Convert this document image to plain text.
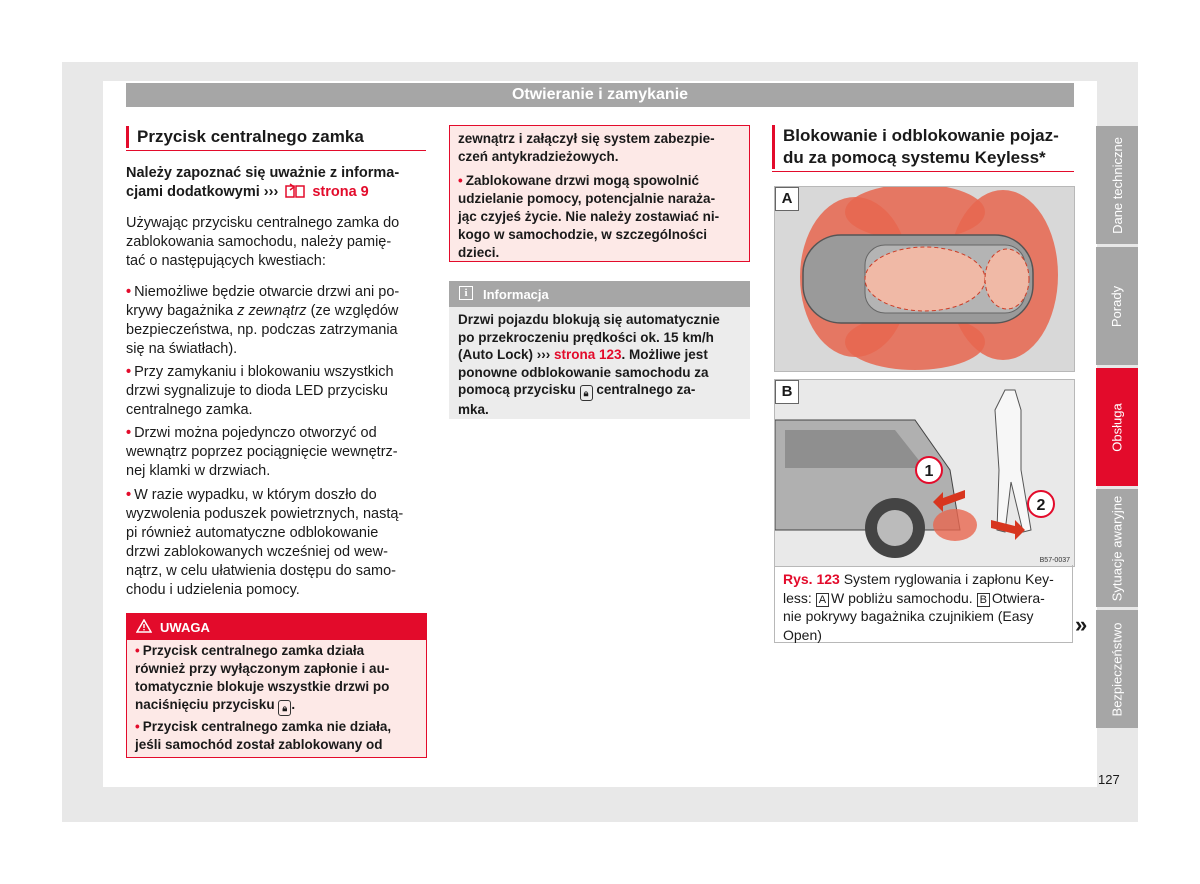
Otwieranie i zamykanie
Przycisk centralnego zamka
Należy zapoznać się uważnie z informa-
cjami dodatkowymi ››› strona 9
Używając przycisku centralnego zamka do
zablokowania samochodu, należy pamię-
tać o następujących kwestiach:
• Niemożliwe będzie otwarcie drzwi ani po-
krywy bagażnika z zewnątrz (ze względów
bezpieczeństwa, np. podczas zatrzymania
się na światłach).
• Przy zamykaniu i blokowaniu wszystkich
drzwi sygnalizuje to dioda LED przycisku
centralnego zamka.
• Drzwi można pojedynczo otworzyć od
wewnątrz poprzez pociągnięcie wewnętrz-
nej klamki w drzwiach.
• W razie wypadku, w którym doszło do
wyzwolenia poduszek powietrznych, nastą-
pi również automatyczne odblokowanie
drzwi zablokowanych wcześniej od wew-
nątrz, w celu ułatwienia dostępu do samo-
chodu i udzielenia pomocy.
UWAGA
• Przycisk centralnego zamka działa
również przy wyłączonym zapłonie i au-
tomatycznie blokuje wszystkie drzwi po
naciśnięciu przycisku 🔒︎ .
• Przycisk centralnego zamka nie działa,
jeśli samochód został zablokowany od
zewnątrz i załączył się system zabezpie-
czeń antykradzieżowych.
• Zablokowane drzwi mogą spowolnić
udzielanie pomocy, potencjalnie naraża-
jąc czyjeś życie. Nie należy zostawiać ni-
kogo w samochodzie, w szczególności
dzieci.
i	Informacja
Drzwi pojazdu blokują się automatycznie
po przekroczeniu prędkości ok. 15 km/h
(Auto Lock) ››› strona 123. Możliwe jest
ponowne odblokowanie samochodu za
pomocą przycisku 🔒︎ centralnego za-
mka.
Blokowanie i odblokowanie pojaz-
du za pomocą systemu Keyless*
A
B
1
2
B57-0037
Rys. 123 System ryglowania i zapłonu Key-
less: A W pobliżu samochodu. B Otwiera-
nie pokrywy bagażnika czujnikiem (Easy
Open)	»
Dane techniczne
Porady
Obsługa
Sytuacje awaryjne
Bezpieczeństwo
127
